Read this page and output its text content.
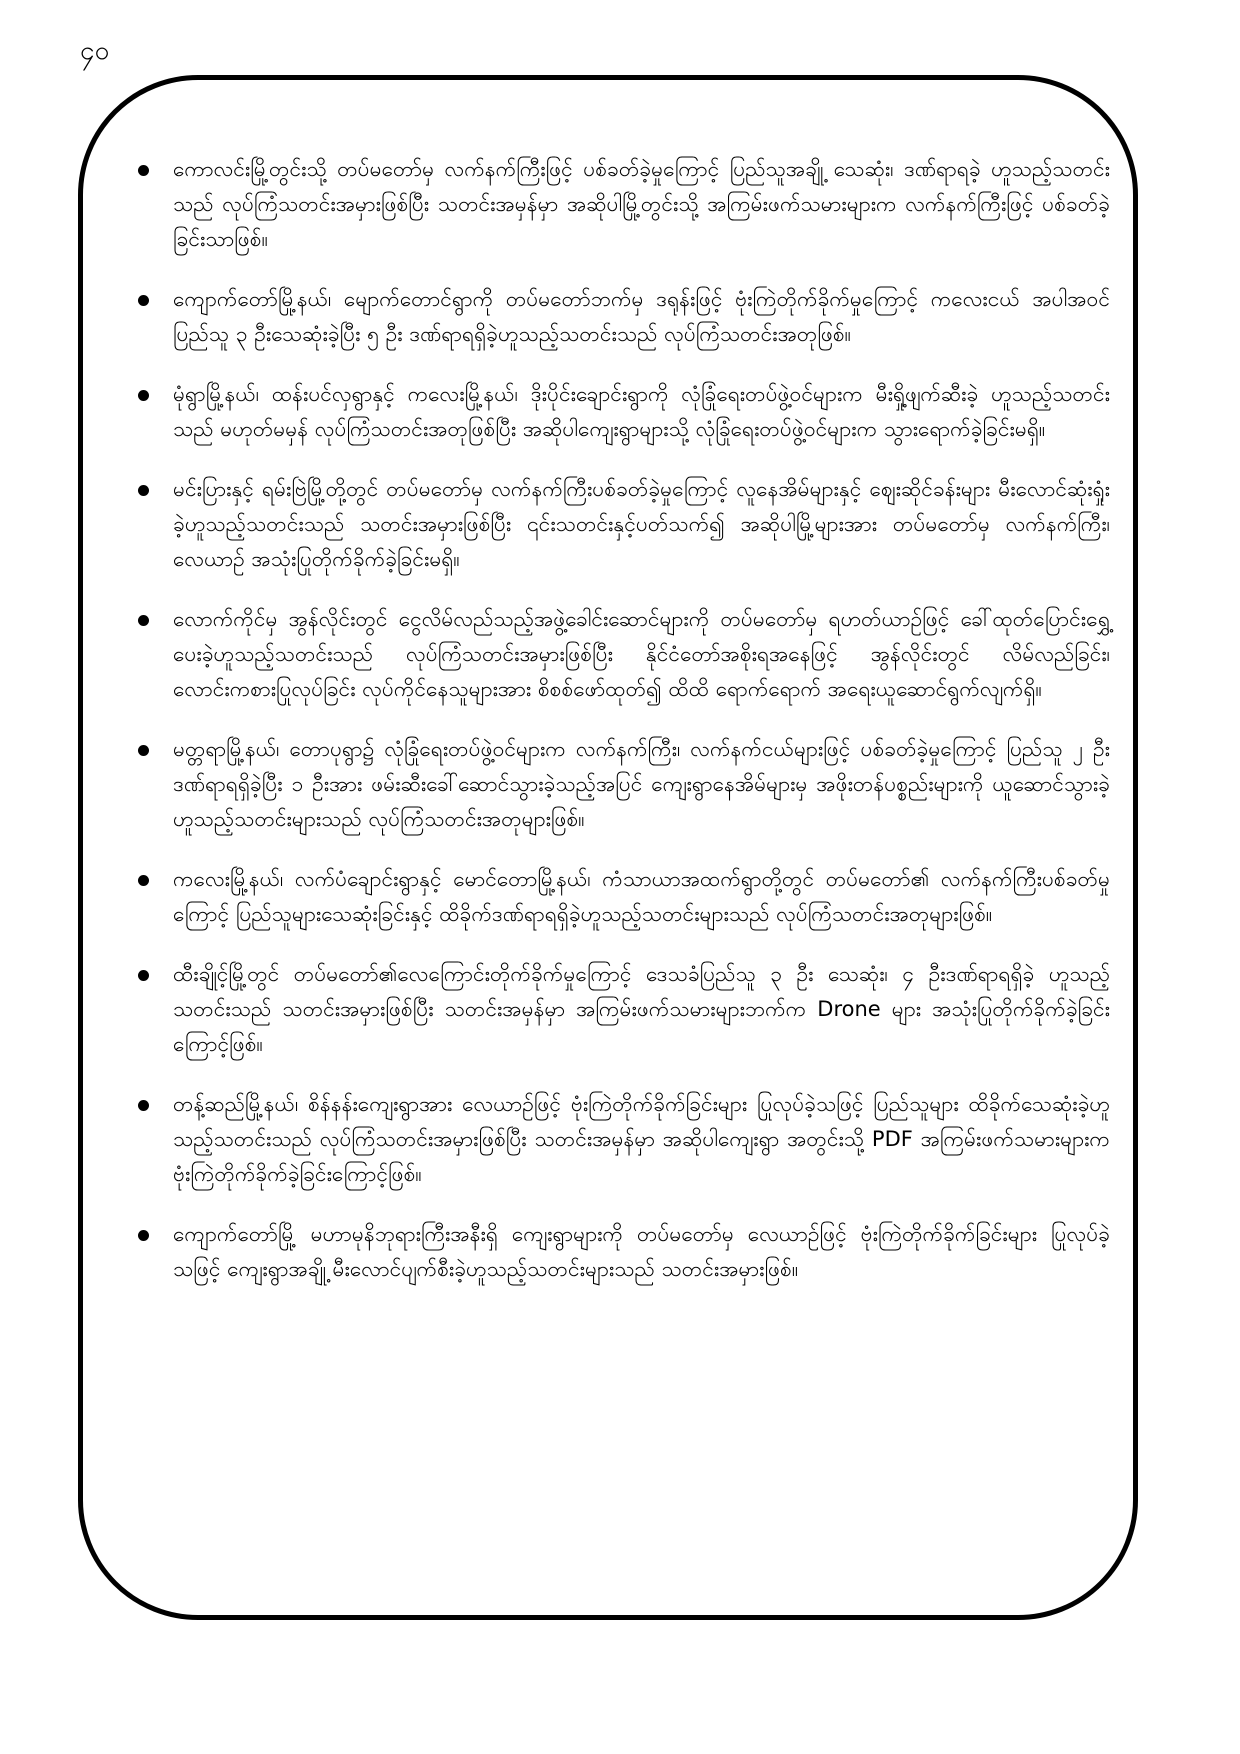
၄၀
ကောလင်းမြို့တွင်းသို့ တပ်မတော်မှ လက်နက်ကြီးဖြင့် ပစ်ခတ်ခဲ့မှုကြောင့် ပြည်သူအချို့ သေဆုံး၊ ဒဏ်ရာရခဲ့ ဟူသည့်သတင်းသည် လုပ်ကြံသတင်းအမှားဖြစ်ပြီး သတင်းအမှန်မှာ အဆိုပါမြို့တွင်းသို့ အကြမ်းဖက်သမားများက လက်နက်ကြီးဖြင့် ပစ်ခတ်ခဲ့ခြင်းသာဖြစ်။
ကျောက်တော်မြို့နယ်၊ မျောက်တောင်ရွာကို တပ်မတော်ဘက်မှ ဒရုန်းဖြင့် ဗုံးကြဲတိုက်ခိုက်မှုကြောင့် ကလေးငယ် အပါအဝင် ပြည်သူ ၃ ဦးသေဆုံးခဲ့ပြီး ၅ ဦး ဒဏ်ရာရရှိခဲ့ဟူသည့်သတင်းသည် လုပ်ကြံသတင်းအတုဖြစ်။
မုံရွာမြို့နယ်၊ ထန်းပင်လှရွာနှင့် ကလေးမြို့နယ်၊ ဒိုးပိုင်းချောင်းရွာကို လုံခြုံရေးတပ်ဖွဲ့ဝင်များက မီးရှို့ဖျက်ဆီးခဲ့ ဟူသည့်သတင်းသည် မဟုတ်မမှန် လုပ်ကြံသတင်းအတုဖြစ်ပြီး အဆိုပါကျေးရွာများသို့ လုံခြုံရေးတပ်ဖွဲ့ဝင်များက သွားရောက်ခဲ့ခြင်းမရှိ။
မင်းပြားနှင့် ရမ်းဗြဲမြို့တို့တွင် တပ်မတော်မှ လက်နက်ကြီးပစ်ခတ်ခဲ့မှုကြောင့် လူနေအိမ်များနှင့် ဈေးဆိုင်ခန်းများ မီးလောင်ဆုံးရှုံးခဲ့ဟူသည့်သတင်းသည် သတင်းအမှားဖြစ်ပြီး ၎င်းသတင်းနှင့်ပတ်သက်၍ အဆိုပါမြို့များအား တပ်မတော်မှ လက်နက်ကြီး၊ လေယာဉ် အသုံးပြုတိုက်ခိုက်ခဲ့ခြင်းမရှိ။
လောက်ကိုင်မှ အွန်လိုင်းတွင် ငွေလိမ်လည်သည့်အဖွဲ့ခေါင်းဆောင်များကို တပ်မတော်မှ ရဟတ်ယာဉ်ဖြင့် ခေါ်ထုတ်ပြောင်းရွှေ့ပေးခဲ့ဟူသည့်သတင်းသည် လုပ်ကြံသတင်းအမှားဖြစ်ပြီး နိုင်ငံတော်အစိုးရအနေဖြင့် အွန်လိုင်းတွင် လိမ်လည်ခြင်း၊ လောင်းကစားပြုလုပ်ခြင်း လုပ်ကိုင်နေသူများအား စိစစ်ဖော်ထုတ်၍ ထိထိ ရောက်ရောက် အရေးယူဆောင်ရွက်လျက်ရှိ။
မတ္တရာမြို့နယ်၊ တောပုရွာ၌ လုံခြုံရေးတပ်ဖွဲ့ဝင်များက လက်နက်ကြီး၊ လက်နက်ငယ်များဖြင့် ပစ်ခတ်ခဲ့မှုကြောင့် ပြည်သူ ၂ ဦးဒဏ်ရာရရှိခဲ့ပြီး ၁ ဦးအား ဖမ်းဆီးခေါ်ဆောင်သွားခဲ့သည့်အပြင် ကျေးရွာနေအိမ်များမှ အဖိုးတန်ပစ္စည်းများကို ယူဆောင်သွားခဲ့ဟူသည့်သတင်းများသည် လုပ်ကြံသတင်းအတုများဖြစ်။
ကလေးမြို့နယ်၊ လက်ပံချောင်းရွာနှင့် မောင်တောမြို့နယ်၊ ကံသာယာအထက်ရွာတို့တွင် တပ်မတော်၏ လက်နက်ကြီးပစ်ခတ်မှုကြောင့် ပြည်သူများသေဆုံးခြင်းနှင့် ထိခိုက်ဒဏ်ရာရရှိခဲ့ဟူသည့်သတင်းများသည် လုပ်ကြံသတင်းအတုများဖြစ်။
ထီးချိုင့်မြို့တွင် တပ်မတော်၏လေကြောင်းတိုက်ခိုက်မှုကြောင့် ဒေသခံပြည်သူ ၃ ဦး သေဆုံး၊ ၄ ဦးဒဏ်ရာရရှိခဲ့ ဟူသည့် သတင်းသည် သတင်းအမှားဖြစ်ပြီး သတင်းအမှန်မှာ အကြမ်းဖက်သမားများဘက်က Drone များ အသုံးပြုတိုက်ခိုက်ခဲ့ခြင်းကြောင့်ဖြစ်။
တန့်ဆည်မြို့နယ်၊ စိန်နန်းကျေးရွာအား လေယာဉ်ဖြင့် ဗုံးကြဲတိုက်ခိုက်ခြင်းများ ပြုလုပ်ခဲ့သဖြင့် ပြည်သူများ ထိခိုက်သေဆုံးခဲ့ဟူသည့်သတင်းသည် လုပ်ကြံသတင်းအမှားဖြစ်ပြီး သတင်းအမှန်မှာ အဆိုပါကျေးရွာ အတွင်းသို့ PDF အကြမ်းဖက်သမားများက ဗုံးကြဲတိုက်ခိုက်ခဲ့ခြင်းကြောင့်ဖြစ်။
ကျောက်တော်မြို့ မဟာမုနိဘုရားကြီးအနီးရှိ ကျေးရွာများကို တပ်မတော်မှ လေယာဉ်ဖြင့် ဗုံးကြဲတိုက်ခိုက်ခြင်းများ ပြုလုပ်ခဲ့သဖြင့် ကျေးရွာအချို့ မီးလောင်ပျက်စီးခဲ့ဟူသည့်သတင်းများသည် သတင်းအမှားဖြစ်။
